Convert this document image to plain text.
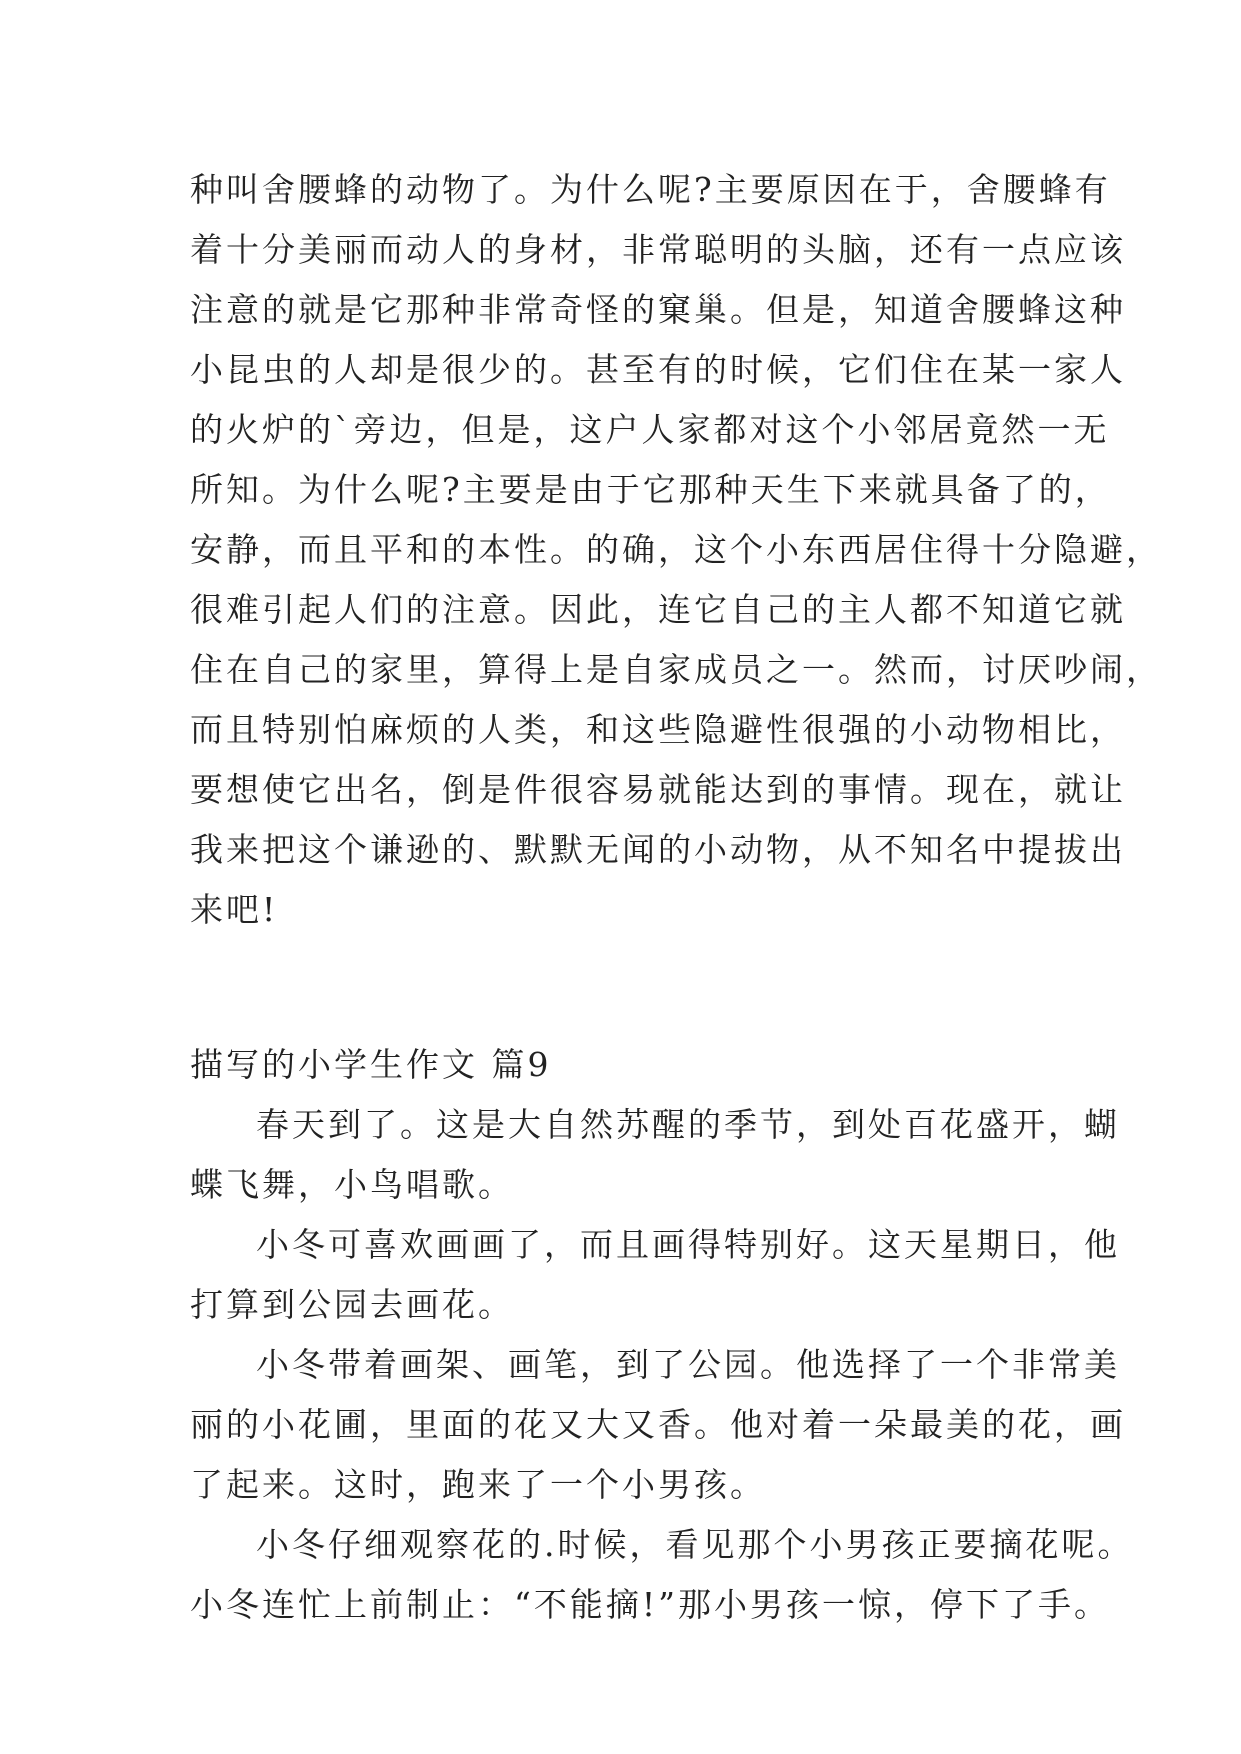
种叫舍腰蜂的动物了。为什么呢?主要原因在于，舍腰蜂有
着十分美丽而动人的身材，非常聪明的头脑，还有一点应该
注意的就是它那种非常奇怪的窠巢。但是，知道舍腰蜂这种
小昆虫的人却是很少的。甚至有的时候，它们住在某一家人
的火炉的`旁边，但是，这户人家都对这个小邻居竟然一无
所知。为什么呢?主要是由于它那种天生下来就具备了的，
安静，而且平和的本性。的确，这个小东西居住得十分隐避，
很难引起人们的注意。因此，连它自己的主人都不知道它就
住在自己的家里，算得上是自家成员之一。然而，讨厌吵闹，
而且特别怕麻烦的人类，和这些隐避性很强的小动物相比，
要想使它出名，倒是件很容易就能达到的事情。现在，就让
我来把这个谦逊的、默默无闻的小动物，从不知名中提拔出
来吧!
描写的小学生作文 篇9
春天到了。这是大自然苏醒的季节，到处百花盛开，蝴
蝶飞舞，小鸟唱歌。
小冬可喜欢画画了，而且画得特别好。这天星期日，他
打算到公园去画花。
小冬带着画架、画笔，到了公园。他选择了一个非常美
丽的小花圃，里面的花又大又香。他对着一朵最美的花，画
了起来。这时，跑来了一个小男孩。
小冬仔细观察花的.时候，看见那个小男孩正要摘花呢。
小冬连忙上前制止：“不能摘!”那小男孩一惊，停下了手。
